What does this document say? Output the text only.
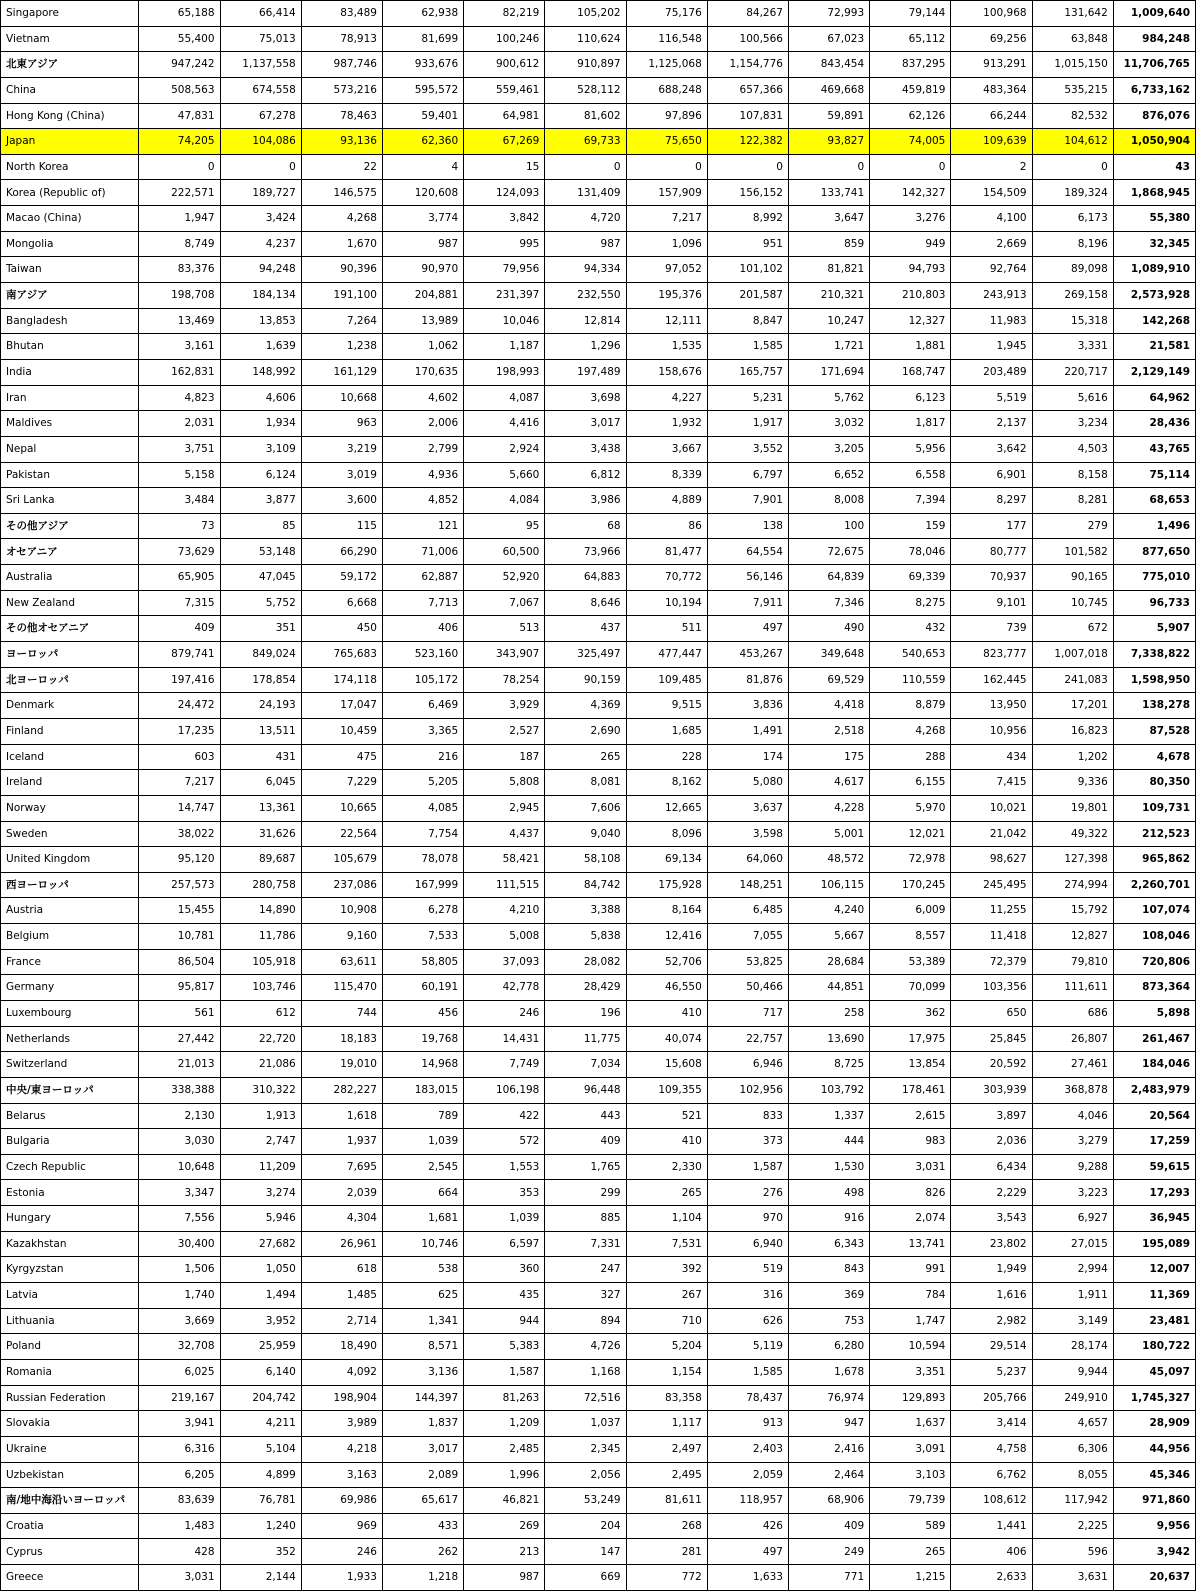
Singapore	65,188	66,414	83,489	62,938	82,219	105,202	75,176	84,267	72,993	79,144	100,968	131,642	1,009,640
Vietnam	55,400	75,013	78,913	81,699	100,246	110,624	116,548	100,566	67,023	65,112	69,256	63,848	984,248
北東アジア	947,242	1,137,558	987,746	933,676	900,612	910,897	1,125,068	1,154,776	843,454	837,295	913,291	1,015,150	11,706,765
China	508,563	674,558	573,216	595,572	559,461	528,112	688,248	657,366	469,668	459,819	483,364	535,215	6,733,162
Hong Kong (China)	47,831	67,278	78,463	59,401	64,981	81,602	97,896	107,831	59,891	62,126	66,244	82,532	876,076
Japan	74,205	104,086	93,136	62,360	67,269	69,733	75,650	122,382	93,827	74,005	109,639	104,612	1,050,904
North Korea	0	0	22	4	15	0	0	0	0	0	2	0	43
Korea (Republic of)	222,571	189,727	146,575	120,608	124,093	131,409	157,909	156,152	133,741	142,327	154,509	189,324	1,868,945
Macao (China)	1,947	3,424	4,268	3,774	3,842	4,720	7,217	8,992	3,647	3,276	4,100	6,173	55,380
Mongolia	8,749	4,237	1,670	987	995	987	1,096	951	859	949	2,669	8,196	32,345
Taiwan	83,376	94,248	90,396	90,970	79,956	94,334	97,052	101,102	81,821	94,793	92,764	89,098	1,089,910
南アジア	198,708	184,134	191,100	204,881	231,397	232,550	195,376	201,587	210,321	210,803	243,913	269,158	2,573,928
Bangladesh	13,469	13,853	7,264	13,989	10,046	12,814	12,111	8,847	10,247	12,327	11,983	15,318	142,268
Bhutan	3,161	1,639	1,238	1,062	1,187	1,296	1,535	1,585	1,721	1,881	1,945	3,331	21,581
India	162,831	148,992	161,129	170,635	198,993	197,489	158,676	165,757	171,694	168,747	203,489	220,717	2,129,149
Iran	4,823	4,606	10,668	4,602	4,087	3,698	4,227	5,231	5,762	6,123	5,519	5,616	64,962
Maldives	2,031	1,934	963	2,006	4,416	3,017	1,932	1,917	3,032	1,817	2,137	3,234	28,436
Nepal	3,751	3,109	3,219	2,799	2,924	3,438	3,667	3,552	3,205	5,956	3,642	4,503	43,765
Pakistan	5,158	6,124	3,019	4,936	5,660	6,812	8,339	6,797	6,652	6,558	6,901	8,158	75,114
Sri Lanka	3,484	3,877	3,600	4,852	4,084	3,986	4,889	7,901	8,008	7,394	8,297	8,281	68,653
その他アジア	73	85	115	121	95	68	86	138	100	159	177	279	1,496
オセアニア	73,629	53,148	66,290	71,006	60,500	73,966	81,477	64,554	72,675	78,046	80,777	101,582	877,650
Australia	65,905	47,045	59,172	62,887	52,920	64,883	70,772	56,146	64,839	69,339	70,937	90,165	775,010
New Zealand	7,315	5,752	6,668	7,713	7,067	8,646	10,194	7,911	7,346	8,275	9,101	10,745	96,733
その他オセアニア	409	351	450	406	513	437	511	497	490	432	739	672	5,907
ヨーロッパ	879,741	849,024	765,683	523,160	343,907	325,497	477,447	453,267	349,648	540,653	823,777	1,007,018	7,338,822
北ヨーロッパ	197,416	178,854	174,118	105,172	78,254	90,159	109,485	81,876	69,529	110,559	162,445	241,083	1,598,950
Denmark	24,472	24,193	17,047	6,469	3,929	4,369	9,515	3,836	4,418	8,879	13,950	17,201	138,278
Finland	17,235	13,511	10,459	3,365	2,527	2,690	1,685	1,491	2,518	4,268	10,956	16,823	87,528
Iceland	603	431	475	216	187	265	228	174	175	288	434	1,202	4,678
Ireland	7,217	6,045	7,229	5,205	5,808	8,081	8,162	5,080	4,617	6,155	7,415	9,336	80,350
Norway	14,747	13,361	10,665	4,085	2,945	7,606	12,665	3,637	4,228	5,970	10,021	19,801	109,731
Sweden	38,022	31,626	22,564	7,754	4,437	9,040	8,096	3,598	5,001	12,021	21,042	49,322	212,523
United Kingdom	95,120	89,687	105,679	78,078	58,421	58,108	69,134	64,060	48,572	72,978	98,627	127,398	965,862
西ヨーロッパ	257,573	280,758	237,086	167,999	111,515	84,742	175,928	148,251	106,115	170,245	245,495	274,994	2,260,701
Austria	15,455	14,890	10,908	6,278	4,210	3,388	8,164	6,485	4,240	6,009	11,255	15,792	107,074
Belgium	10,781	11,786	9,160	7,533	5,008	5,838	12,416	7,055	5,667	8,557	11,418	12,827	108,046
France	86,504	105,918	63,611	58,805	37,093	28,082	52,706	53,825	28,684	53,389	72,379	79,810	720,806
Germany	95,817	103,746	115,470	60,191	42,778	28,429	46,550	50,466	44,851	70,099	103,356	111,611	873,364
Luxembourg	561	612	744	456	246	196	410	717	258	362	650	686	5,898
Netherlands	27,442	22,720	18,183	19,768	14,431	11,775	40,074	22,757	13,690	17,975	25,845	26,807	261,467
Switzerland	21,013	21,086	19,010	14,968	7,749	7,034	15,608	6,946	8,725	13,854	20,592	27,461	184,046
中央/東ヨーロッパ	338,388	310,322	282,227	183,015	106,198	96,448	109,355	102,956	103,792	178,461	303,939	368,878	2,483,979
Belarus	2,130	1,913	1,618	789	422	443	521	833	1,337	2,615	3,897	4,046	20,564
Bulgaria	3,030	2,747	1,937	1,039	572	409	410	373	444	983	2,036	3,279	17,259
Czech Republic	10,648	11,209	7,695	2,545	1,553	1,765	2,330	1,587	1,530	3,031	6,434	9,288	59,615
Estonia	3,347	3,274	2,039	664	353	299	265	276	498	826	2,229	3,223	17,293
Hungary	7,556	5,946	4,304	1,681	1,039	885	1,104	970	916	2,074	3,543	6,927	36,945
Kazakhstan	30,400	27,682	26,961	10,746	6,597	7,331	7,531	6,940	6,343	13,741	23,802	27,015	195,089
Kyrgyzstan	1,506	1,050	618	538	360	247	392	519	843	991	1,949	2,994	12,007
Latvia	1,740	1,494	1,485	625	435	327	267	316	369	784	1,616	1,911	11,369
Lithuania	3,669	3,952	2,714	1,341	944	894	710	626	753	1,747	2,982	3,149	23,481
Poland	32,708	25,959	18,490	8,571	5,383	4,726	5,204	5,119	6,280	10,594	29,514	28,174	180,722
Romania	6,025	6,140	4,092	3,136	1,587	1,168	1,154	1,585	1,678	3,351	5,237	9,944	45,097
Russian Federation	219,167	204,742	198,904	144,397	81,263	72,516	83,358	78,437	76,974	129,893	205,766	249,910	1,745,327
Slovakia	3,941	4,211	3,989	1,837	1,209	1,037	1,117	913	947	1,637	3,414	4,657	28,909
Ukraine	6,316	5,104	4,218	3,017	2,485	2,345	2,497	2,403	2,416	3,091	4,758	6,306	44,956
Uzbekistan	6,205	4,899	3,163	2,089	1,996	2,056	2,495	2,059	2,464	3,103	6,762	8,055	45,346
南/地中海沿いヨーロッパ	83,639	76,781	69,986	65,617	46,821	53,249	81,611	118,957	68,906	79,739	108,612	117,942	971,860
Croatia	1,483	1,240	969	433	269	204	268	426	409	589	1,441	2,225	9,956
Cyprus	428	352	246	262	213	147	281	497	249	265	406	596	3,942
Greece	3,031	2,144	1,933	1,218	987	669	772	1,633	771	1,215	2,633	3,631	20,637
